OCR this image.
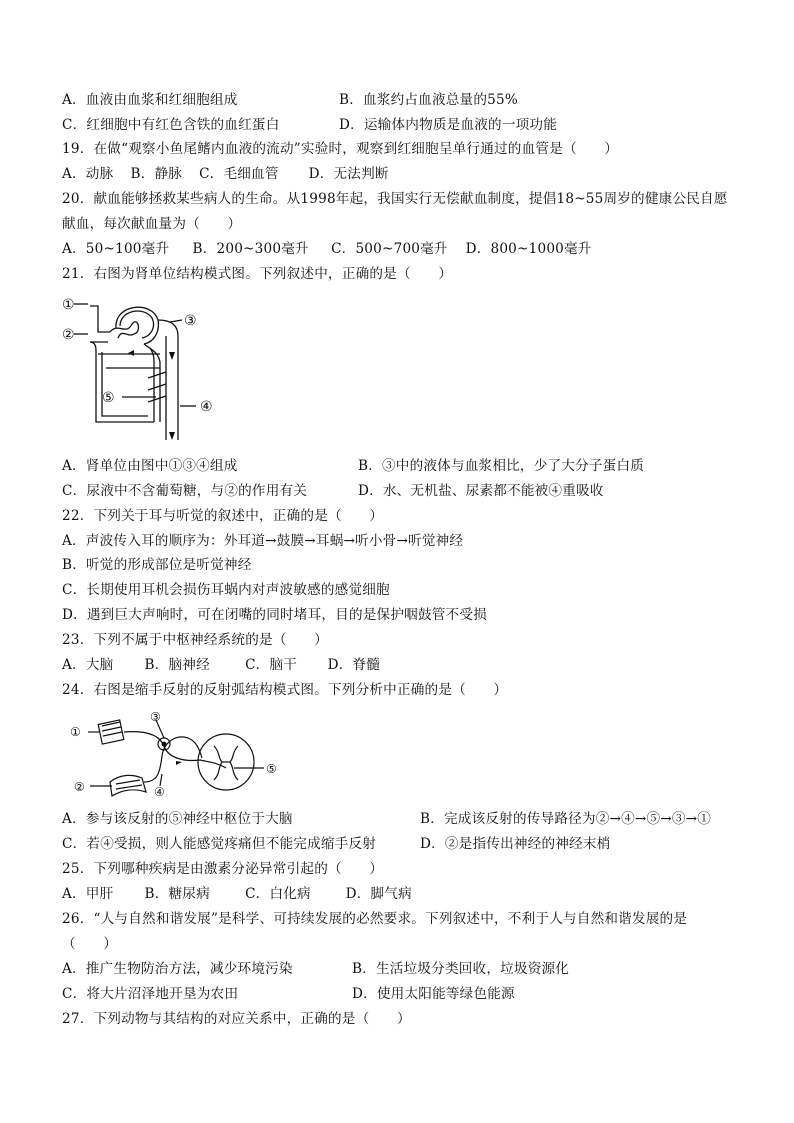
A．血液由血浆和红细胞组成	B．血浆约占血液总量的55%
C．红细胞中有红色含铁的血红蛋白	D．运输体内物质是血液的一项功能
19．在做“观察小鱼尾鳍内血液的流动”实验时，观察到红细胞呈单行通过的血管是（　　）
A．动脉 B．静脉 C．毛细血管 D．无法判断
20．献血能够拯救某些病人的生命。从1998年起，我国实行无偿献血制度，提倡18~55周岁的健康公民自愿
献血，每次献血量为（　　）
A．50~100毫升 B．200~300毫升 C．500~700毫升 D．800~1000毫升
21．右图为肾单位结构模式图。下列叙述中，正确的是（　　）
①
②
③
④
⑤
A．肾单位由图中①③④组成	B．③中的液体与血浆相比，少了大分子蛋白质
C．尿液中不含葡萄糖，与②的作用有关	D．水、无机盐、尿素都不能被④重吸收
22．下列关于耳与听觉的叙述中，正确的是（　　）
A．声波传入耳的顺序为：外耳道→鼓膜→耳蜗→听小骨→听觉神经
B．听觉的形成部位是听觉神经
C．长期使用耳机会损伤耳蜗内对声波敏感的感觉细胞
D．遇到巨大声响时，可在闭嘴的同时堵耳，目的是保护咽鼓管不受损
23．下列不属于中枢神经系统的是（　　）
A．大脑 B．脑神经	C．脑干 D．脊髓
24．右图是缩手反射的反射弧结构模式图。下列分析中正确的是（　　）
①
②
③
④
⑤
A．参与该反射的⑤神经中枢位于大脑	B．完成该反射的传导路径为②→④→⑤→③→①
C．若④受损，则人能感觉疼痛但不能完成缩手反射	D．②是指传出神经的神经末梢
25．下列哪种疾病是由激素分泌异常引起的（　　）
A．甲肝 B．糖尿病	C．白化病	D．脚气病
26．“人与自然和谐发展”是科学、可持续发展的必然要求。下列叙述中，不利于人与自然和谐发展的是
（　　）
A．推广生物防治方法，减少环境污染	B．生活垃圾分类回收，垃圾资源化
C．将大片沼泽地开垦为农田	D．使用太阳能等绿色能源
27．下列动物与其结构的对应关系中，正确的是（　　）
